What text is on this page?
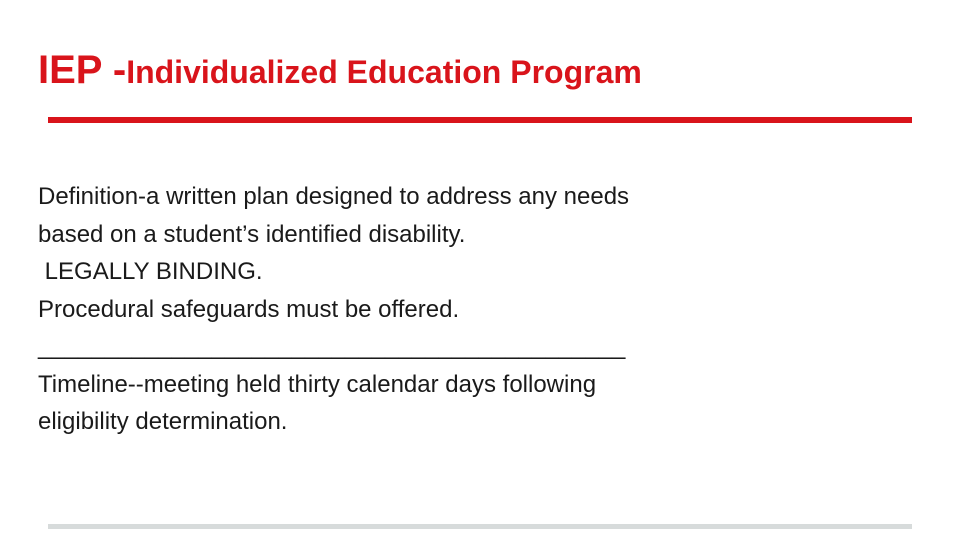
IEP -Individualized Education Program
Definition-a written plan designed to address any needs
based on a student’s identified disability.
LEGALLY BINDING.
Procedural safeguards must be offered.
____________________________________________
Timeline--meeting held thirty calendar days following
eligibility determination.
